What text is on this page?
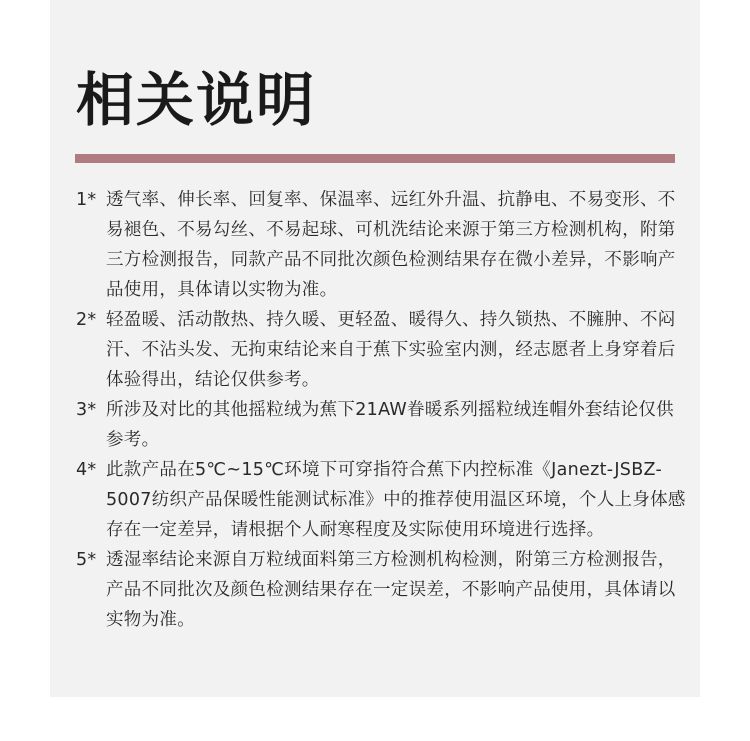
相关说明
1* 透气率、伸长率、回复率、保温率、远红外升温、抗静电、不易变形、不易褪色、不易勾丝、不易起球、可机洗结论来源于第三方检测机构，附第三方检测报告，同款产品不同批次颜色检测结果存在微小差异，不影响产品使用，具体请以实物为准。
2* 轻盈暖、活动散热、持久暖、更轻盈、暖得久、持久锁热、不臃肿、不闷汗、不沾头发、无拘束结论来自于蕉下实验室内测，经志愿者上身穿着后体验得出，结论仅供参考。
3* 所涉及对比的其他摇粒绒为蕉下21AW眷暖系列摇粒绒连帽外套结论仅供参考。
4* 此款产品在5℃~15℃环境下可穿指符合蕉下内控标准《Janezt-JSBZ-5007纺织产品保暖性能测试标准》中的推荐使用温区环境，个人上身体感存在一定差异，请根据个人耐寒程度及实际使用环境进行选择。
5* 透湿率结论来源自万粒绒面料第三方检测机构检测，附第三方检测报告，产品不同批次及颜色检测结果存在一定误差，不影响产品使用，具体请以实物为准。
